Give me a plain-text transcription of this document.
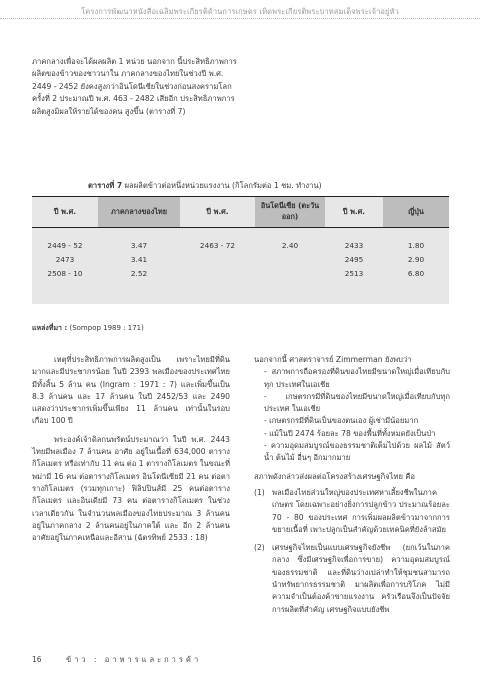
โครงการพัฒนาหนังสือเฉลิมพระเกียรติด้านการเกษตร เทิดพระเกียรติพระบาทสมเด็จพระเจ้าอยู่หัว

ภาคกลางเพื่อจะได้ผลผลิต 1 หน่วย นอกจาก นี้ประสิทธิภาพการผลิตของข้าวของชาวนาใน ภาคกลางของไทยในช่วงปี พ.ศ. 2449 - 2452 ยังคงสูงกว่าอินโดนีเซียในช่วงก่อนสงครามโลก ครั้งที่ 2 ประมาณปี พ.ศ. 463 - 2482 เสียอีก ประสิทธิภาพการผลิตสูงมิผลให้รายได้ของคน สูงขึ้น (ตารางที่ 7)

ตารางที่ 7 ผลผลิตข้าวต่อหนึ่งหน่วยแรงงาน (กิโลกรัมต่อ 1 ชม. ทำงาน)
ปี พ.ศ.	ภาคกลางของไทย	ปี พ.ศ.	อินโดนีเซีย (ตะวันออก)	ปี พ.ศ.	ญี่ปุ่น
2449 - 52	3.47	2463 - 72	2.40	2433	1.80
2473	3.41			2495	2.90
2508 - 10	2.52			2513	6.80
แหล่งที่มา : (Sompop 1989 : 171)

เหตุที่ประสิทธิภาพการผลิตสูงเป็น เพราะไทยมีที่ดินมากและมีประชากรน้อย ในปี 2393 พลเมืองของประเทศไทยมีทั้งสิ้น 5 ล้าน คน (Ingram : 1971 : 7) และเพิ่มขึ้นเป็น 8.3 ล้านคน และ 17 ล้านคน ในปี 2452/53 และ 2490 แสดงว่าประชากรเพิ่มขึ้นเพียง 11 ล้านคน เท่านั้นในรอบเกือบ 100 ปี

พระองค์เจ้าดิลกนพรัตน์ประมาณว่า ในปี พ.ศ. 2443 ไทยมีพลเมือง 7 ล้านคน อาศัย อยู่ในเนื้อที่ 634,000 ตารางกิโลเมตร หรือเท่ากับ 11 คน ต่อ 1 ตารางกิโลเมตร ในขณะที่พม่ามี 16 คน ต่อตารางกิโลเมตร อินโดนีเซียมี 21 คน ต่อตารางกิโลเมตร (รวมทุกเกาะ) ฟิลิปปินส์มี 25 คนต่อตารางกิโลเมตร และอินเดียมี 73 คน ต่อตารางกิโลเมตร ในช่วงเวลาเดียวกัน ในจำนวนพลเมืองของไทยประมาณ 3 ล้านคน อยู่ในภาคกลาง 2 ล้านคนอยู่ในภาคใต้ และ อีก 2 ล้านคนอาศัยอยู่ในภาคเหนือและอีสาน (ฉัตรทิพย์ 2533 : 18)

นอกจากนี้ ศาสตราจารย์ Zimmerman ยังพบว่า

- สภาพการถือครองที่ดินของไทยมีขนาดใหญ่เมื่อเทียบกับทุก ประเทศในเอเชีย

- เกษตรกรมีที่ดินของไทยมีขนาดใหญ่เมื่อเทียบกับทุกประเทศ ในเอเชีย

- เกษตรกรมีที่ดินเป็นของตนเอง ผู้เช่ามีน้อยมาก

- แม้ในปี 2474 ร้อยละ 78 ของพื้นที่ทั้งหมดยังเป็นป่า

- ความอุดมสมบูรณ์ของธรรมชาติเต็มไปด้วย ผลไม้ สัตว์น้ำ ต้นไม้ อื่นๆ อีกมากมาย

สภาพดังกล่าวส่งผลต่อโครงสร้างเศรษฐกิจไทย คือ

(1) พลเมืองไทยส่วนใหญ่ของประเทศหาเลี้ยงชีพในภาคเกษตร โดยเฉพาะอย่างยิ่งการปลูกข้าว ประมาณร้อยละ 70 - 80 ของประเทศ การเพิ่มผลผลิตข้าวมาจากการขยายเนื้อที่ เพาะปลูกเป็นสำคัญด้วยเทคนิคที่ยังล้าสมัย
(2) เศรษฐกิจไทยเป็นแบบเศรษฐกิจยังชีพ (ยกเว้นในภาคกลาง ซึ่งมีเศรษฐกิจเพื่อการขาย) ความอุดมสมบูรณ์ของธรรมชาติ และที่ดินว่างเปล่าทำให้ชุมชนสามารถนำทรัพยากรธรรมชาติ มาผลิตเพื่อการบริโภค ไม่มีความจำเป็นต้องค้าขายแรงงาน ครัวเรือนจึงเป็นปัจจัยการผลิตที่สำคัญ เศรษฐกิจแบบยังชีพ
16	ข้าว : อาหารและการค้า
